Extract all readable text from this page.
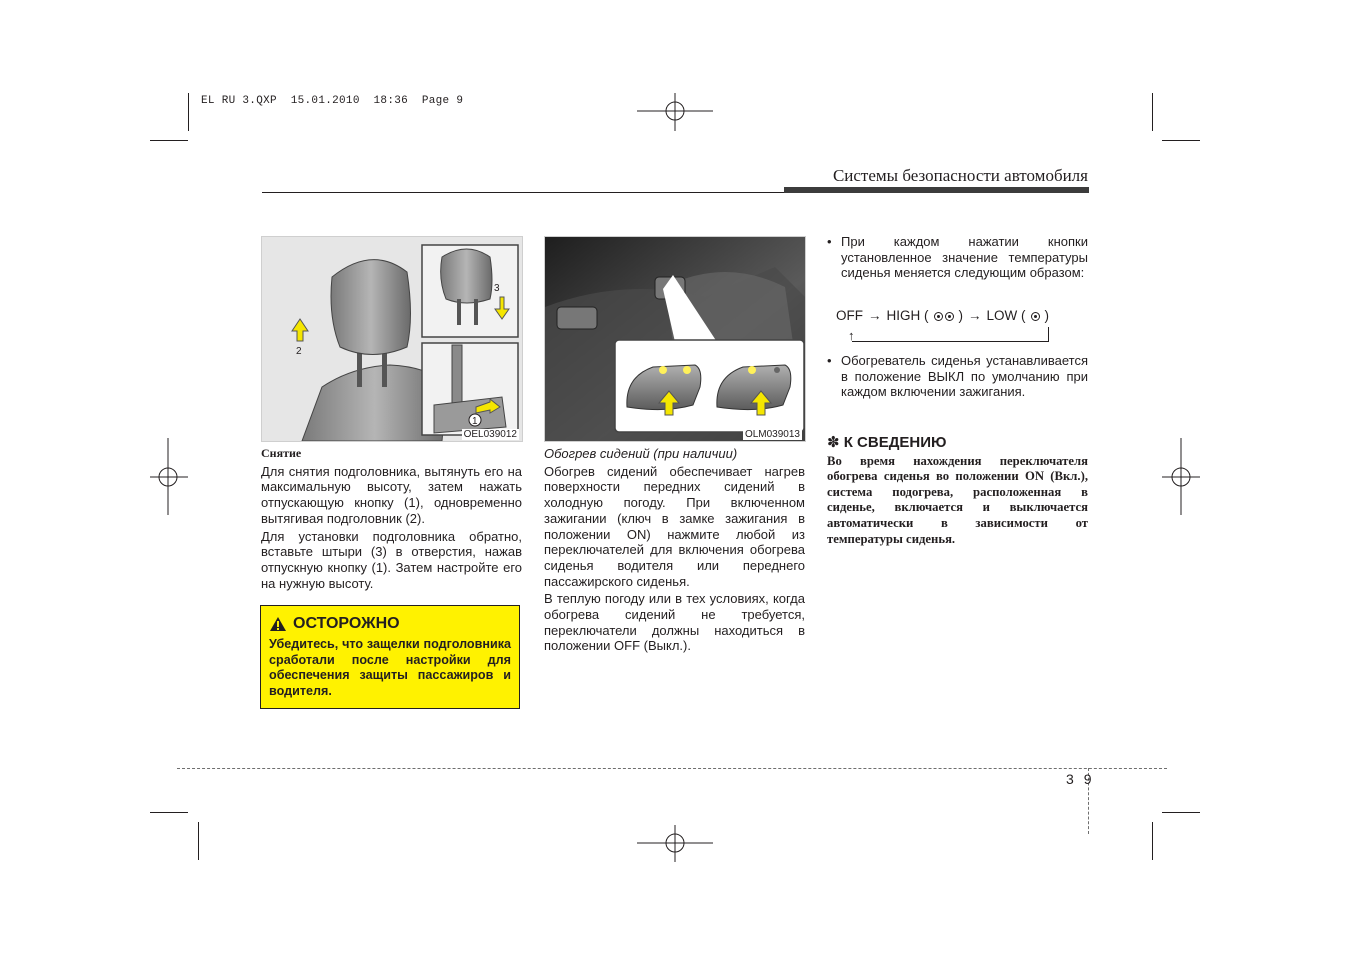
EL RU 3.QXP  15.01.2010  18:36  Page 9
Системы безопасности автомобиля
2
3
1
OEL039012	OLM039013
Снятие

Для снятия подголовника, вытянуть его на максимальную высоту, затем нажать отпускающую кнопку (1), одновременно вытягивая подголовник (2).

Для установки подголовника обратно, вставьте штыри (3) в отверстия, нажав отпускную кнопку (1). Затем настройте его на нужную высоту.

ОСТОРОЖНО
Убедитесь, что защелки подголовника сработали после настройки для обеспечения защиты пассажиров и водителя.
Обогрев сидений (при наличии)

Обогрев сидений обеспечивает нагрев поверхности передних сидений в холодную погоду. При включенном зажигании (ключ в замке зажигания в положении ON) нажмите любой из переключателей для включения обогрева сиденья водителя или переднего пассажирского сиденья.

В теплую погоду или в тех условиях, когда обогрева сидений не требуется, переключатели должны находиться в положении OFF (Выкл.).

• При каждом нажатии кнопки установленное значение температуры сиденья меняется следующим образом:
OFF → HIGH ( ) → LOW ( )
↑
• Обогреватель сиденья устанавливается в положение ВЫКЛ по умолчанию при каждом включении зажигания.
✽ К СВЕДЕНИЮ
Во время нахождения переключателя обогрева сиденья во положении ON (Вкл.), система подогрева, расположенная в сиденье, включается и выключается автоматически в зависимости от температуры сиденья.
3 9
